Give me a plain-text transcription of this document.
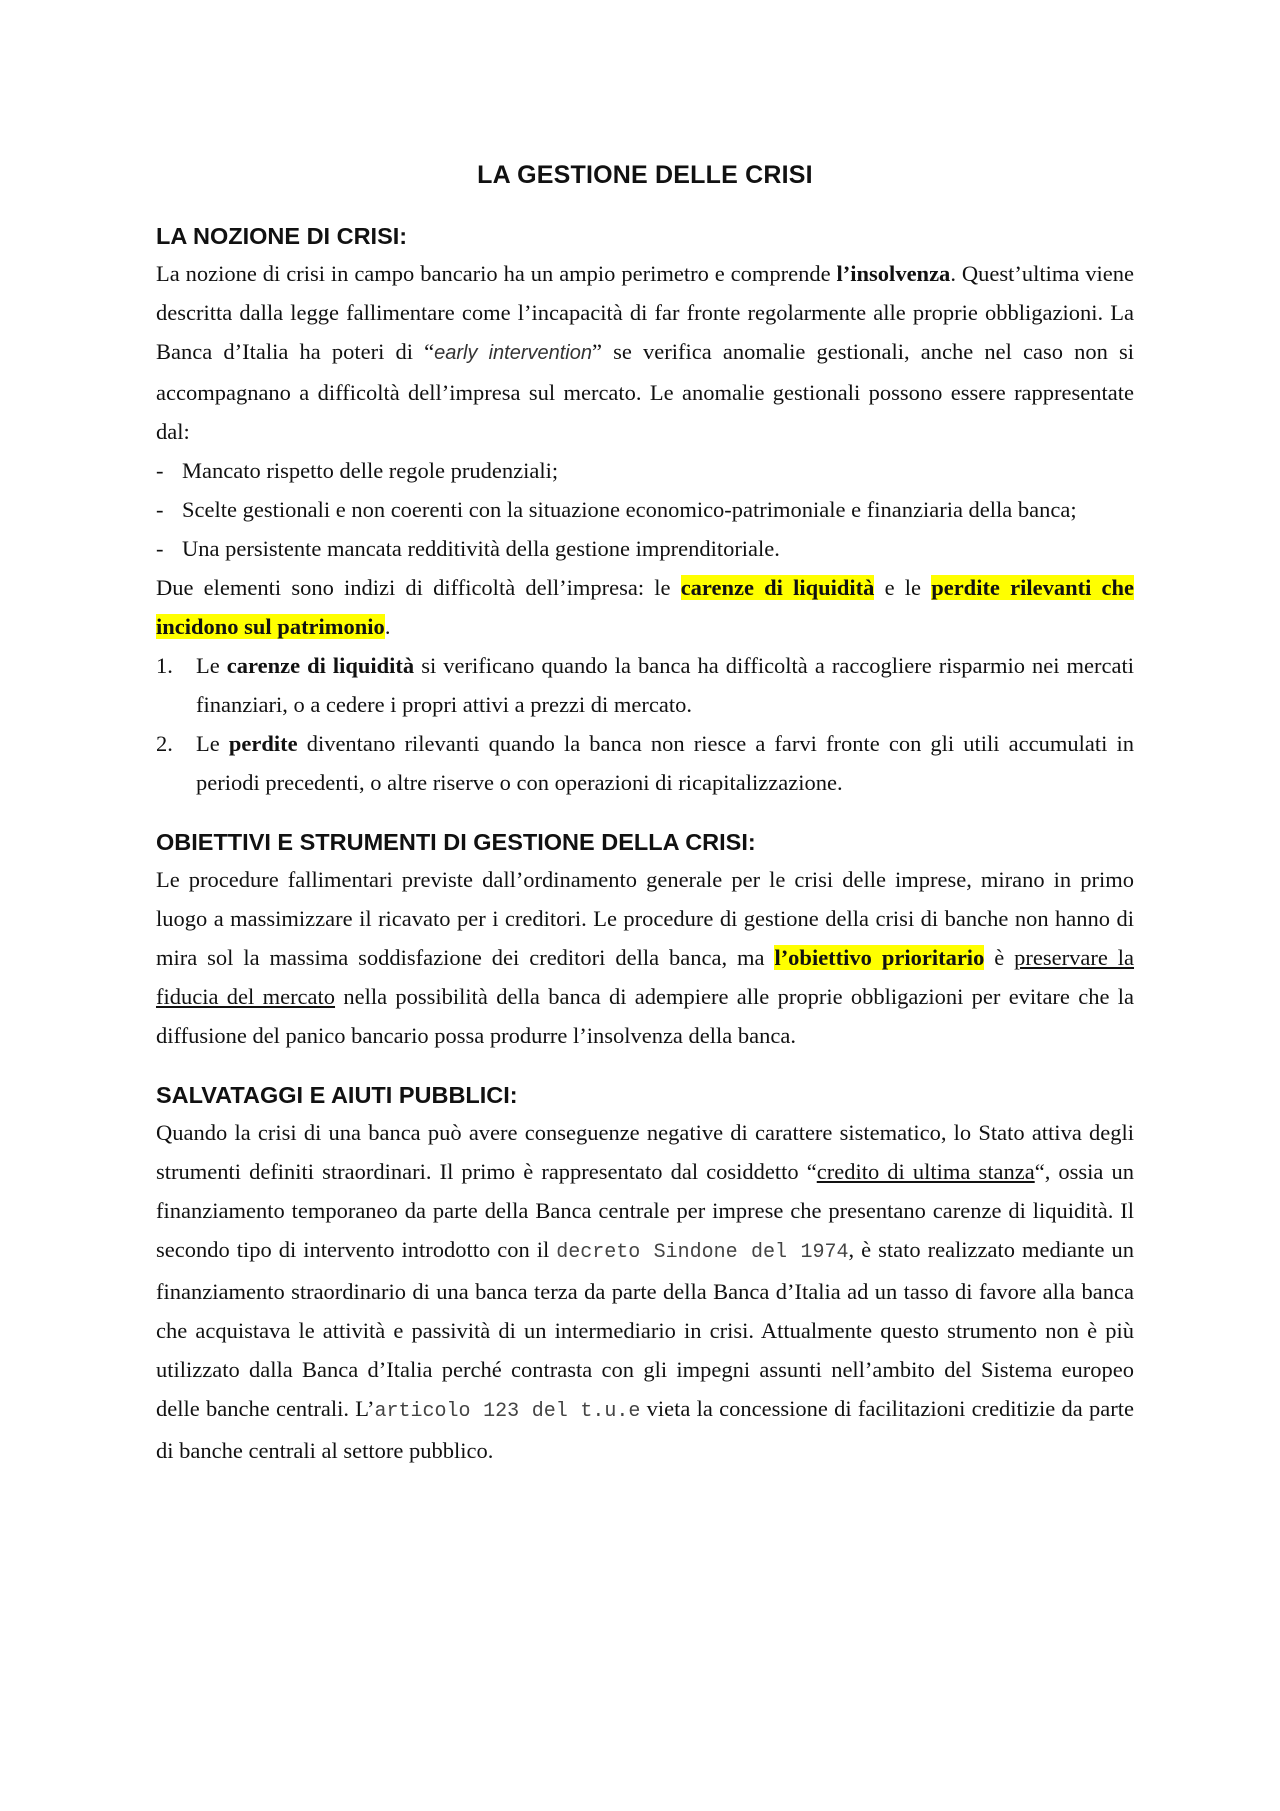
LA GESTIONE DELLE CRISI
LA NOZIONE DI CRISI:

La nozione di crisi in campo bancario ha un ampio perimetro e comprende l’insolvenza. Quest’ultima viene descritta dalla legge fallimentare come l’incapacità di far fronte regolarmente alle proprie obbligazioni. La Banca d’Italia ha poteri di “early intervention” se verifica anomalie gestionali, anche nel caso non si accompagnano a difficoltà dell’impresa sul mercato. Le anomalie gestionali possono essere rappresentate dal:

- Mancato rispetto delle regole prudenziali;
- Scelte gestionali e non coerenti con la situazione economico-patrimoniale e finanziaria della banca;
- Una persistente mancata redditività della gestione imprenditoriale.

Due elementi sono indizi di difficoltà dell’impresa: le carenze di liquidità e le perdite rilevanti che incidono sul patrimonio.

1. Le carenze di liquidità si verificano quando la banca ha difficoltà a raccogliere risparmio nei mercati finanziari, o a cedere i propri attivi a prezzi di mercato.
2. Le perdite diventano rilevanti quando la banca non riesce a farvi fronte con gli utili accumulati in periodi precedenti, o altre riserve o con operazioni di ricapitalizzazione.
OBIETTIVI E STRUMENTI DI GESTIONE DELLA CRISI:

Le procedure fallimentari previste dall’ordinamento generale per le crisi delle imprese, mirano in primo luogo a massimizzare il ricavato per i creditori. Le procedure di gestione della crisi di banche non hanno di mira sol la massima soddisfazione dei creditori della banca, ma l’obiettivo prioritario è preservare la fiducia del mercato nella possibilità della banca di adempiere alle proprie obbligazioni per evitare che la diffusione del panico bancario possa produrre l’insolvenza della banca.

SALVATAGGI E AIUTI PUBBLICI:

Quando la crisi di una banca può avere conseguenze negative di carattere sistematico, lo Stato attiva degli strumenti definiti straordinari. Il primo è rappresentato dal cosiddetto “credito di ultima stanza“, ossia un finanziamento temporaneo da parte della Banca centrale per imprese che presentano carenze di liquidità. Il secondo tipo di intervento introdotto con il decreto Sindone del 1974, è stato realizzato mediante un finanziamento straordinario di una banca terza da parte della Banca d’Italia ad un tasso di favore alla banca che acquistava le attività e passività di un intermediario in crisi. Attualmente questo strumento non è più utilizzato dalla Banca d’Italia perché contrasta con gli impegni assunti nell’ambito del Sistema europeo delle banche centrali. L’articolo 123 del t.u.e vieta la concessione di facilitazioni creditizie da parte di banche centrali al settore pubblico.
